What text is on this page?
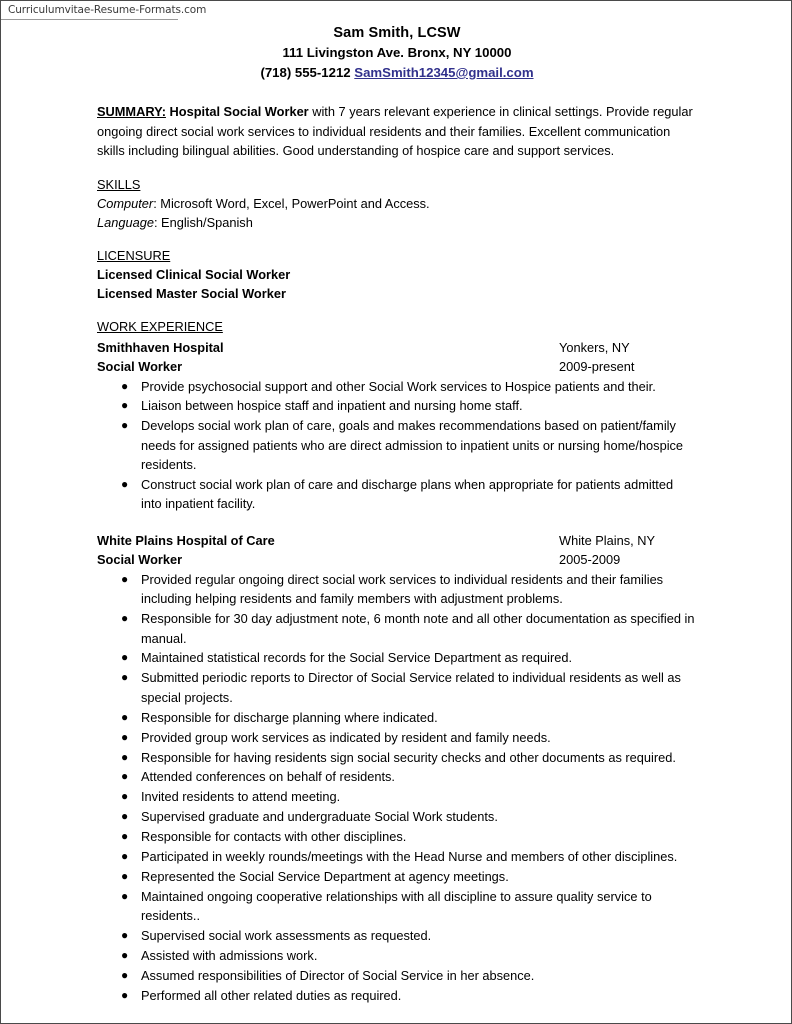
Curriculumvitae-Resume-Formats.com
Sam Smith, LCSW
111 Livingston Ave. Bronx, NY 10000
(718) 555-1212 SamSmith12345@gmail.com
SUMMARY: Hospital Social Worker with 7 years relevant experience in clinical settings. Provide regular ongoing direct social work services to individual residents and their families. Excellent communication skills including bilingual abilities. Good understanding of hospice care and support services.
SKILLS
Computer: Microsoft Word, Excel, PowerPoint and Access.
Language: English/Spanish
LICENSURE
Licensed Clinical Social Worker
Licensed Master Social Worker
WORK EXPERIENCE
Smithhaven Hospital	Yonkers, NY
Social Worker	2009-present
● Provide psychosocial support and other Social Work services to Hospice patients and their.
● Liaison between hospice staff and inpatient and nursing home staff.
● Develops social work plan of care, goals and makes recommendations based on patient/family needs for assigned patients who are direct admission to inpatient units or nursing home/hospice residents.
● Construct social work plan of care and discharge plans when appropriate for patients admitted into inpatient facility.
White Plains Hospital of Care	White Plains, NY
Social Worker	2005-2009
● Provided regular ongoing direct social work services to individual residents and their families including helping residents and family members with adjustment problems.
● Responsible for 30 day adjustment note, 6 month note and all other documentation as specified in manual.
● Maintained statistical records for the Social Service Department as required.
● Submitted periodic reports to Director of Social Service related to individual residents as well as special projects.
● Responsible for discharge planning where indicated.
● Provided group work services as indicated by resident and family needs.
● Responsible for having residents sign social security checks and other documents as required.
● Attended conferences on behalf of residents.
● Invited residents to attend meeting.
● Supervised graduate and undergraduate Social Work students.
● Responsible for contacts with other disciplines.
● Participated in weekly rounds/meetings with the Head Nurse and members of other disciplines.
● Represented the Social Service Department at agency meetings.
● Maintained ongoing cooperative relationships with all discipline to assure quality service to residents..
● Supervised social work assessments as requested.
● Assisted with admissions work.
● Assumed responsibilities of Director of Social Service in her absence.
● Performed all other related duties as required.
